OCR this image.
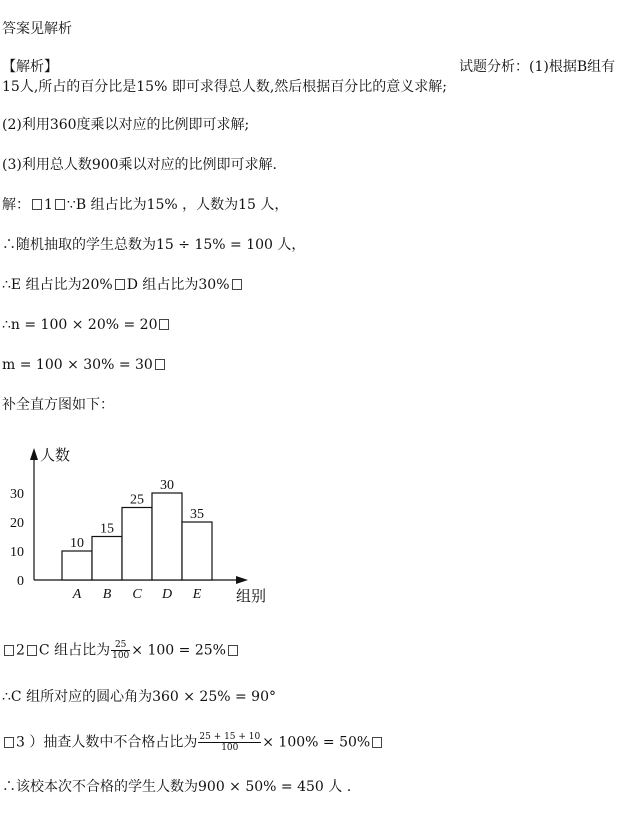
答案见解析
【解析】	试题分析：(1)根据B组有
15人,所占的百分比是15% 即可求得总人数,然后根据百分比的意义求解;
(2)利用360度乘以对应的比例即可求解;
(3)利用总人数900乘以对应的比例即可求解.
解： 1 ∵B 组占比为15% ，人数为15 人，
∴随机抽取的学生总数为15 ÷ 15% = 100 人，
∴E 组占比为20% D 组占比为30%
∴n = 100 × 20% = 20
m = 100 × 30% = 30
补全直方图如下：
人数
组别
0
10
20
30
10
A
15
B
25
C
30
D
35
E
2 C 组占比为 $\frac{25}{100} \times 100 = 25\%$
∴C 组所对应的圆心角为360 × 25% = 90°
3 ）抽查人数中不合格占比为 $\frac{25 + 15 + 10}{100} \times 100\% = 50\%$
∴该校本次不合格的学生人数为900 × 50% = 450 人 .
